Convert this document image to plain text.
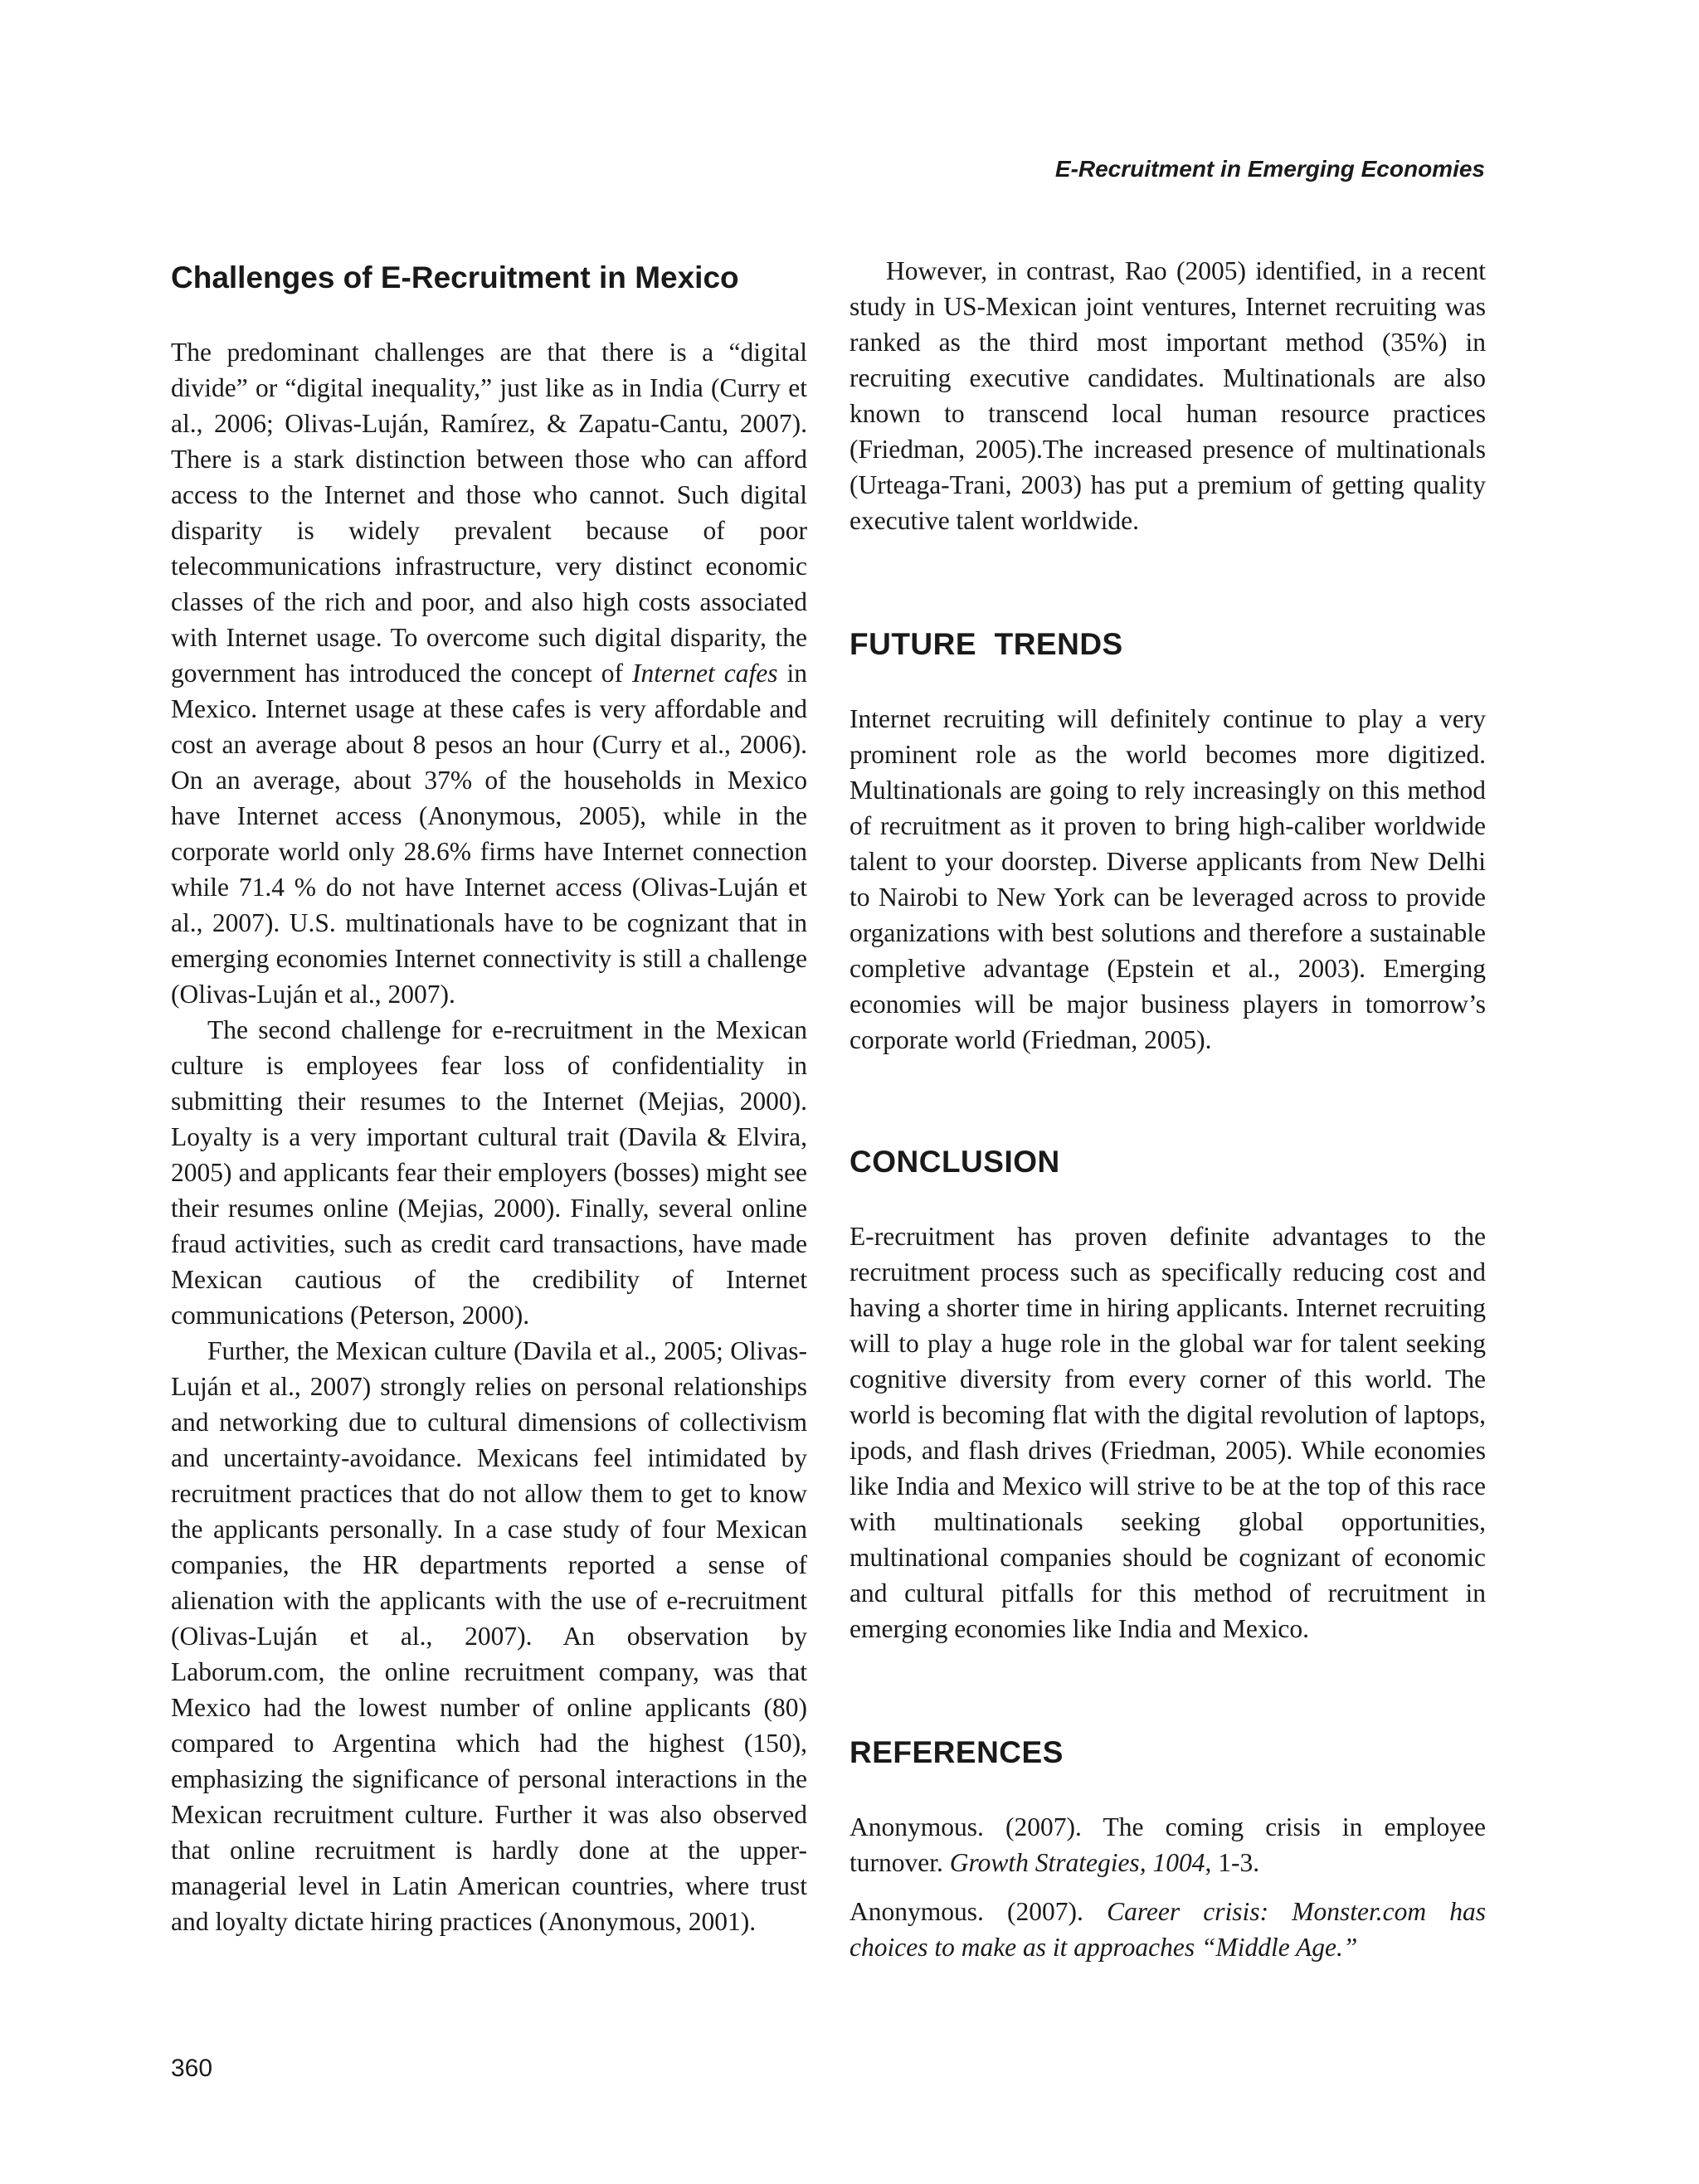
E-Recruitment in Emerging Economies
Challenges of E-Recruitment in Mexico

The predominant challenges are that there is a “digital divide” or “digital inequality,” just like as in India (Curry et al., 2006; Olivas-Luján, Ramírez, & Zapatu-Cantu, 2007). There is a stark distinction between those who can afford access to the Internet and those who cannot. Such digital disparity is widely prevalent because of poor telecommunications infrastructure, very distinct economic classes of the rich and poor, and also high costs associated with Internet usage. To overcome such digital disparity, the government has introduced the concept of Internet cafes in Mexico. Internet usage at these cafes is very affordable and cost an average about 8 pesos an hour (Curry et al., 2006). On an average, about 37% of the households in Mexico have Internet access (Anonymous, 2005), while in the corporate world only 28.6% firms have Internet connection while 71.4 % do not have Internet access (Olivas-Luján et al., 2007). U.S. multinationals have to be cognizant that in emerging economies Internet connectivity is still a challenge (Olivas-Luján et al., 2007).

The second challenge for e-recruitment in the Mexican culture is employees fear loss of confidentiality in submitting their resumes to the Internet (Mejias, 2000). Loyalty is a very important cultural trait (Davila & Elvira, 2005) and applicants fear their employers (bosses) might see their resumes online (Mejias, 2000). Finally, several online fraud activities, such as credit card transactions, have made Mexican cautious of the credibility of Internet communications (Peterson, 2000).

Further, the Mexican culture (Davila et al., 2005; Olivas-Luján et al., 2007) strongly relies on personal relationships and networking due to cultural dimensions of collectivism and uncertainty-avoidance. Mexicans feel intimidated by recruitment practices that do not allow them to get to know the applicants personally. In a case study of four Mexican companies, the HR departments reported a sense of alienation with the applicants with the use of e-recruitment (Olivas-Luján et al., 2007). An observation by Laborum.com, the online recruitment company, was that Mexico had the lowest number of online applicants (80) compared to Argentina which had the highest (150), emphasizing the significance of personal interactions in the Mexican recruitment culture. Further it was also observed that online recruitment is hardly done at the upper-managerial level in Latin American countries, where trust and loyalty dictate hiring practices (Anonymous, 2001).

However, in contrast, Rao (2005) identified, in a recent study in US-Mexican joint ventures, Internet recruiting was ranked as the third most important method (35%) in recruiting executive candidates. Multinationals are also known to transcend local human resource practices (Friedman, 2005).The increased presence of multinationals (Urteaga-Trani, 2003) has put a premium of getting quality executive talent worldwide.

FUTURE  TRENDS

Internet recruiting will definitely continue to play a very prominent role as the world becomes more digitized. Multinationals are going to rely increasingly on this method of recruitment as it proven to bring high-caliber worldwide talent to your doorstep. Diverse applicants from New Delhi to Nairobi to New York can be leveraged across to provide organizations with best solutions and therefore a sustainable completive advantage (Epstein et al., 2003). Emerging economies will be major business players in tomorrow’s corporate world (Friedman, 2005).

CONCLUSION

E-recruitment has proven definite advantages to the recruitment process such as specifically reducing cost and having a shorter time in hiring applicants. Internet recruiting will to play a huge role in the global war for talent seeking cognitive diversity from every corner of this world. The world is becoming flat with the digital revolution of laptops, ipods, and flash drives (Friedman, 2005). While economies like India and Mexico will strive to be at the top of this race with multinationals seeking global opportunities, multinational companies should be cognizant of economic and cultural pitfalls for this method of recruitment in emerging economies like India and Mexico.

REFERENCES

Anonymous. (2007). The coming crisis in employee turnover. Growth Strategies, 1004, 1-3.

Anonymous. (2007). Career crisis: Monster.com has choices to make as it approaches “Middle Age.”

360
